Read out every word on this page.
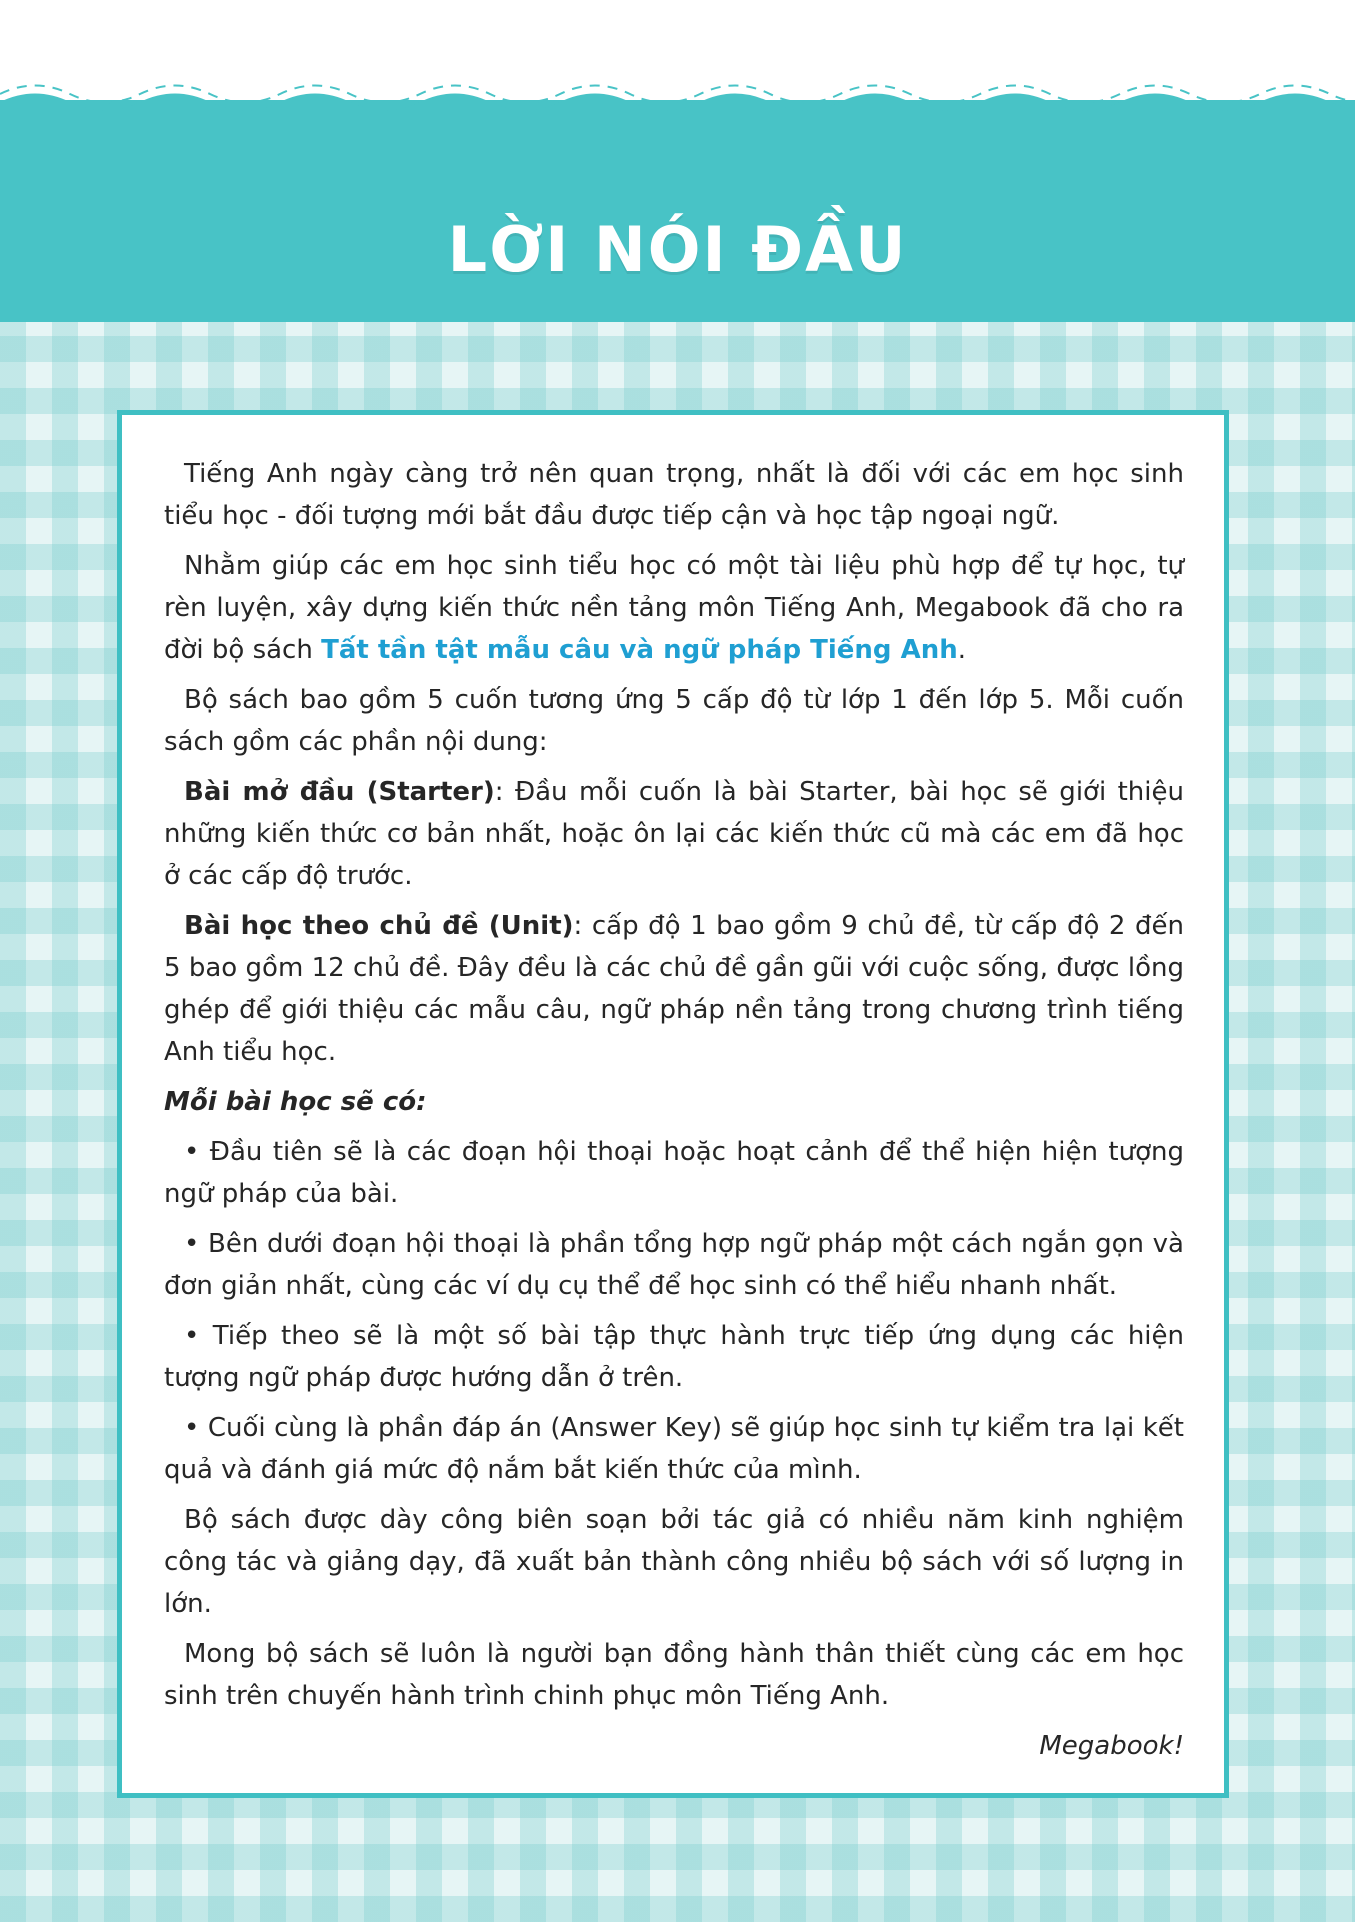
LỜI NÓI ĐẦU

Tiếng Anh ngày càng trở nên quan trọng, nhất là đối với các em học sinh tiểu học - đối tượng mới bắt đầu được tiếp cận và học tập ngoại ngữ.

Nhằm giúp các em học sinh tiểu học có một tài liệu phù hợp để tự học, tự rèn luyện, xây dựng kiến thức nền tảng môn Tiếng Anh, Megabook đã cho ra đời bộ sách Tất tần tật mẫu câu và ngữ pháp Tiếng Anh.

Bộ sách bao gồm 5 cuốn tương ứng 5 cấp độ từ lớp 1 đến lớp 5. Mỗi cuốn sách gồm các phần nội dung:

Bài mở đầu (Starter): Đầu mỗi cuốn là bài Starter, bài học sẽ giới thiệu những kiến thức cơ bản nhất, hoặc ôn lại các kiến thức cũ mà các em đã học ở các cấp độ trước.

Bài học theo chủ đề (Unit): cấp độ 1 bao gồm 9 chủ đề, từ cấp độ 2 đến 5 bao gồm 12 chủ đề. Đây đều là các chủ đề gần gũi với cuộc sống, được lồng ghép để giới thiệu các mẫu câu, ngữ pháp nền tảng trong chương trình tiếng Anh tiểu học.

Mỗi bài học sẽ có:

• Đầu tiên sẽ là các đoạn hội thoại hoặc hoạt cảnh để thể hiện hiện tượng ngữ pháp của bài.

• Bên dưới đoạn hội thoại là phần tổng hợp ngữ pháp một cách ngắn gọn và đơn giản nhất, cùng các ví dụ cụ thể để học sinh có thể hiểu nhanh nhất.

• Tiếp theo sẽ là một số bài tập thực hành trực tiếp ứng dụng các hiện tượng ngữ pháp được hướng dẫn ở trên.

• Cuối cùng là phần đáp án (Answer Key) sẽ giúp học sinh tự kiểm tra lại kết quả và đánh giá mức độ nắm bắt kiến thức của mình.

Bộ sách được dày công biên soạn bởi tác giả có nhiều năm kinh nghiệm công tác và giảng dạy, đã xuất bản thành công nhiều bộ sách với số lượng in lớn.

Mong bộ sách sẽ luôn là người bạn đồng hành thân thiết cùng các em học sinh trên chuyến hành trình chinh phục môn Tiếng Anh.

Megabook!
